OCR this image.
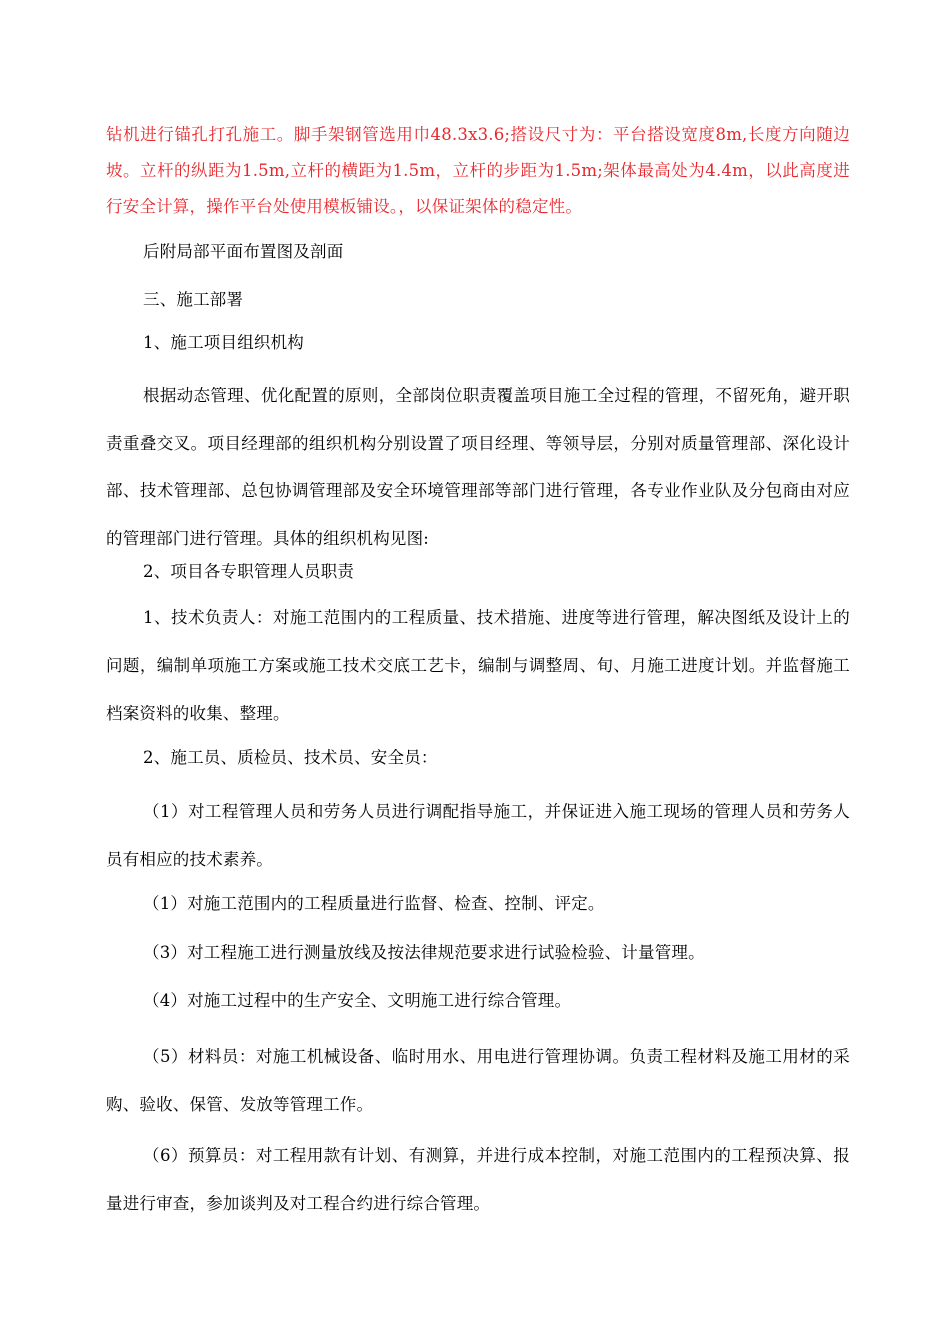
钻机进行锚孔打孔施工。脚手架钢管选用巾48.3x3.6;搭设尺寸为：平台搭设宽度8m,长度方向随边坡。立杆的纵距为1.5m,立杆的横距为1.5m，立杆的步距为1.5m;架体最高处为4.4m，以此高度进行安全计算，操作平台处使用模板铺设。，以保证架体的稳定性。

后附局部平面布置图及剖面

三、施工部署

1、施工项目组织机构

根据动态管理、优化配置的原则，全部岗位职责覆盖项目施工全过程的管理，不留死角，避开职责重叠交叉。项目经理部的组织机构分别设置了项目经理、等领导层，分别对质量管理部、深化设计部、技术管理部、总包协调管理部及安全环境管理部等部门进行管理，各专业作业队及分包商由对应的管理部门进行管理。具体的组织机构见图:

2、项目各专职管理人员职责

1、技术负责人：对施工范围内的工程质量、技术措施、进度等进行管理，解决图纸及设计上的问题，编制单项施工方案或施工技术交底工艺卡，编制与调整周、旬、月施工进度计划。并监督施工档案资料的收集、整理。

2、施工员、质检员、技术员、安全员：

（1）对工程管理人员和劳务人员进行调配指导施工，并保证进入施工现场的管理人员和劳务人员有相应的技术素养。

（1）对施工范围内的工程质量进行监督、检查、控制、评定。

（3）对工程施工进行测量放线及按法律规范要求进行试验检验、计量管理。

（4）对施工过程中的生产安全、文明施工进行综合管理。

（5）材料员：对施工机械设备、临时用水、用电进行管理协调。负责工程材料及施工用材的采购、验收、保管、发放等管理工作。

（6）预算员：对工程用款有计划、有测算，并进行成本控制，对施工范围内的工程预决算、报量进行审查，参加谈判及对工程合约进行综合管理。
